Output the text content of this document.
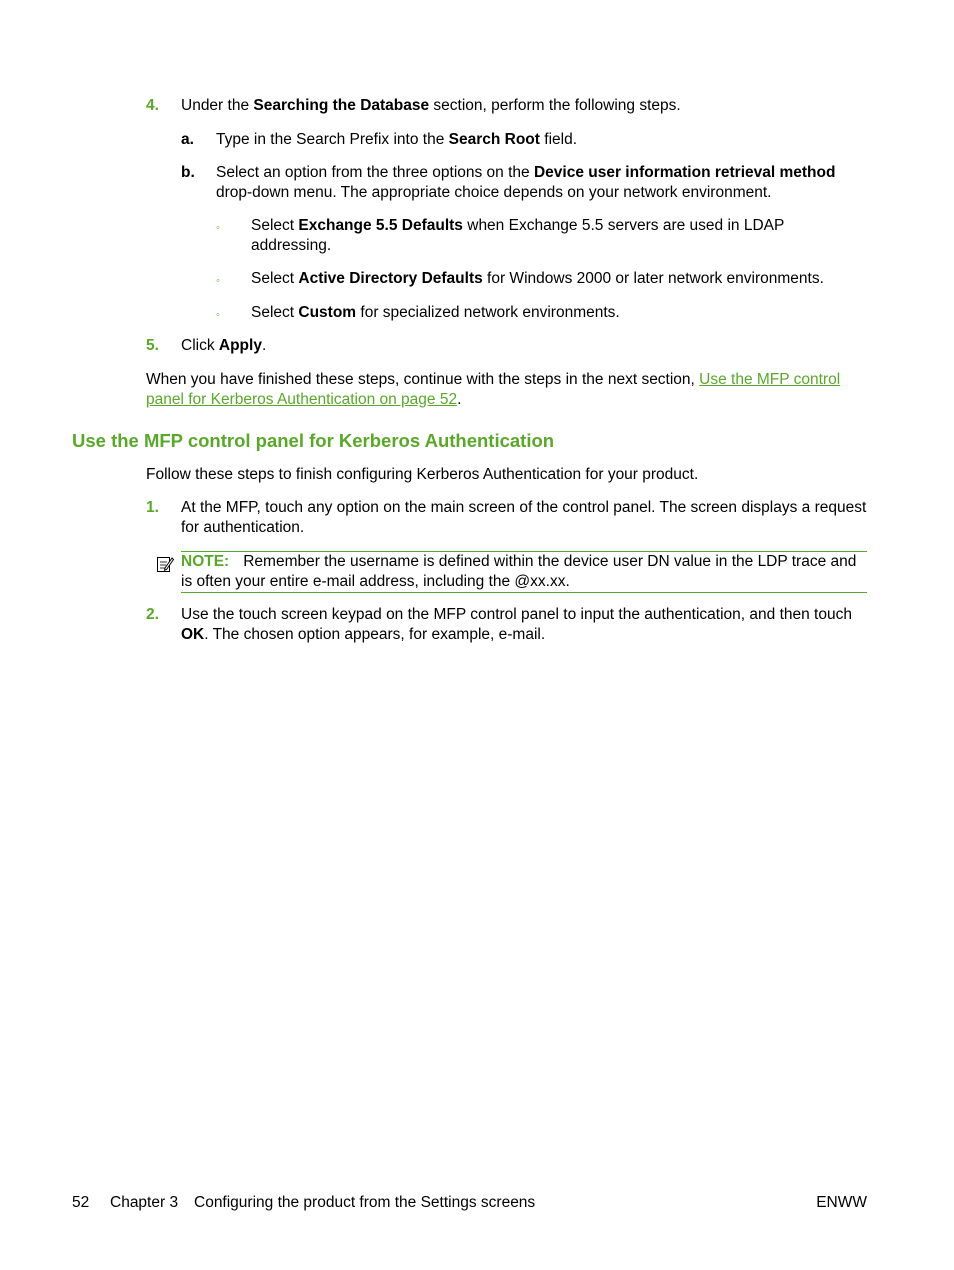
4. Under the Searching the Database section, perform the following steps.
a. Type in the Search Prefix into the Search Root field.
b. Select an option from the three options on the Device user information retrieval method drop-down menu. The appropriate choice depends on your network environment.
◦ Select Exchange 5.5 Defaults when Exchange 5.5 servers are used in LDAP addressing.
◦ Select Active Directory Defaults for Windows 2000 or later network environments.
◦ Select Custom for specialized network environments.
5. Click Apply.
When you have finished these steps, continue with the steps in the next section, Use the MFP control panel for Kerberos Authentication on page 52.
Use the MFP control panel for Kerberos Authentication
Follow these steps to finish configuring Kerberos Authentication for your product.
1. At the MFP, touch any option on the main screen of the control panel. The screen displays a request for authentication.
NOTE: Remember the username is defined within the device user DN value in the LDP trace and is often your entire e-mail address, including the @xx.xx.
2. Use the touch screen keypad on the MFP control panel to input the authentication, and then touch OK. The chosen option appears, for example, e-mail.
52 Chapter 3 Configuring the product from the Settings screens	ENWW
